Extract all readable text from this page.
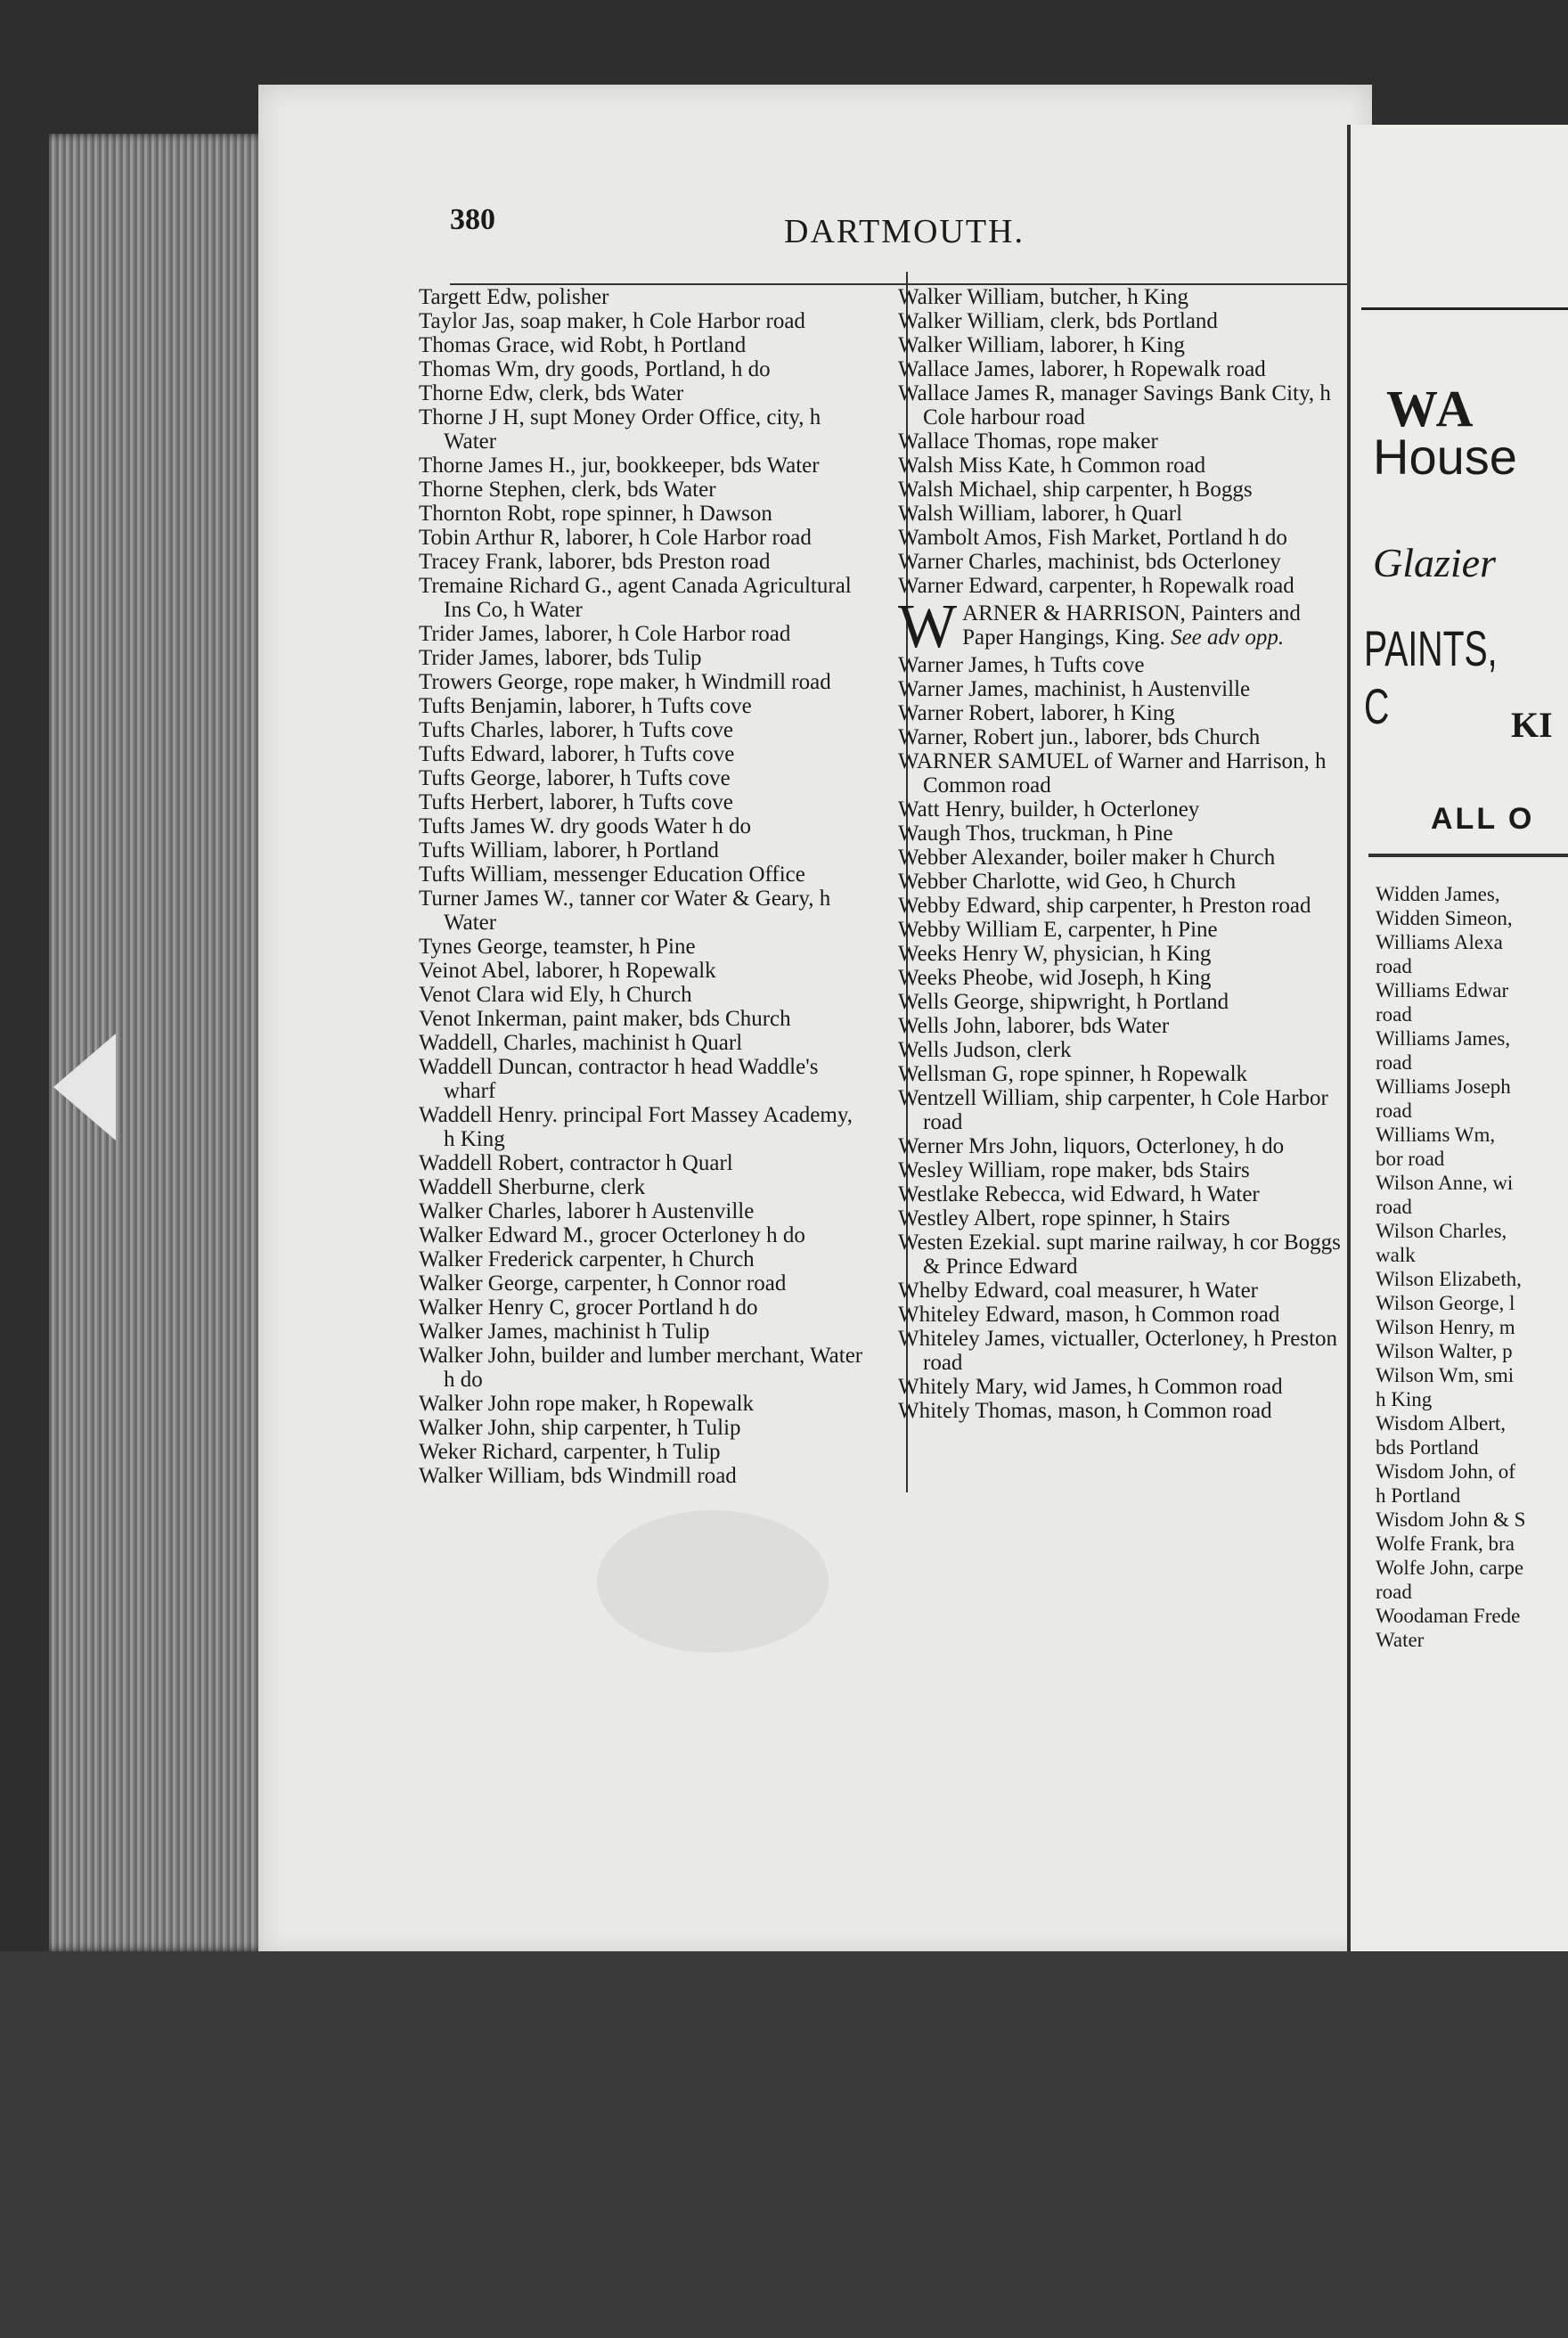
380	DARTMOUTH.

Targett Edw, polisher

Taylor Jas, soap maker, h Cole Harbor road

Thomas Grace, wid Robt, h Portland

Thomas Wm, dry goods, Portland, h do

Thorne Edw, clerk, bds Water

Thorne J H, supt Money Order Office, city, h Water

Thorne James H., jur, bookkeeper, bds Water

Thorne Stephen, clerk, bds Water

Thornton Robt, rope spinner, h Dawson

Tobin Arthur R, laborer, h Cole Harbor road

Tracey Frank, laborer, bds Preston road

Tremaine Richard G., agent Canada Agricultural Ins Co, h Water

Trider James, laborer, h Cole Harbor road

Trider James, laborer, bds Tulip

Trowers George, rope maker, h Windmill road

Tufts Benjamin, laborer, h Tufts cove

Tufts Charles, laborer, h Tufts cove

Tufts Edward, laborer, h Tufts cove

Tufts George, laborer, h Tufts cove

Tufts Herbert, laborer, h Tufts cove

Tufts James W. dry goods Water h do

Tufts William, laborer, h Portland

Tufts William, messenger Education Office

Turner James W., tanner cor Water & Geary, h Water

Tynes George, teamster, h Pine

Veinot Abel, laborer, h Ropewalk

Venot Clara wid Ely, h Church

Venot Inkerman, paint maker, bds Church

Waddell, Charles, machinist h Quarl

Waddell Duncan, contractor h head Waddle's wharf

Waddell Henry. principal Fort Massey Academy, h King

Waddell Robert, contractor h Quarl

Waddell Sherburne, clerk

Walker Charles, laborer h Austenville

Walker Edward M., grocer Octerloney h do

Walker Frederick carpenter, h Church

Walker George, carpenter, h Connor road

Walker Henry C, grocer Portland h do

Walker James, machinist h Tulip

Walker John, builder and lumber merchant, Water h do

Walker John rope maker, h Ropewalk

Walker John, ship carpenter, h Tulip

Weker Richard, carpenter, h Tulip

Walker William, bds Windmill road

Walker William, butcher, h King

Walker William, clerk, bds Portland

Walker William, laborer, h King

Wallace James, laborer, h Ropewalk road

Wallace James R, manager Savings Bank City, h Cole harbour road

Wallace Thomas, rope maker

Walsh Miss Kate, h Common road

Walsh Michael, ship carpenter, h Boggs

Walsh William, laborer, h Quarl

Wambolt Amos, Fish Market, Portland h do

Warner Charles, machinist, bds Octerloney

Warner Edward, carpenter, h Ropewalk road

W ARNER & HARRISON, Painters and Paper Hangings, King. See adv opp.

Warner James, h Tufts cove

Warner James, machinist, h Austenville

Warner Robert, laborer, h King

Warner, Robert jun., laborer, bds Church

WARNER SAMUEL of Warner and Harrison, h Common road

Watt Henry, builder, h Octerloney

Waugh Thos, truckman, h Pine

Webber Alexander, boiler maker h Church

Webber Charlotte, wid Geo, h Church

Webby Edward, ship carpenter, h Preston road

Webby William E, carpenter, h Pine

Weeks Henry W, physician, h King

Weeks Pheobe, wid Joseph, h King

Wells George, shipwright, h Portland

Wells John, laborer, bds Water

Wells Judson, clerk

Wellsman G, rope spinner, h Ropewalk

Wentzell William, ship carpenter, h Cole Harbor road

Werner Mrs John, liquors, Octerloney, h do

Wesley William, rope maker, bds Stairs

Westlake Rebecca, wid Edward, h Water

Westley Albert, rope spinner, h Stairs

Westen Ezekial. supt marine railway, h cor Boggs & Prince Edward

Whelby Edward, coal measurer, h Water

Whiteley Edward, mason, h Common road

Whiteley James, victualler, Octerloney, h Preston road

Whitely Mary, wid James, h Common road

Whitely Thomas, mason, h Common road

WA
House
Glazier
PAINTS, C	KI
ALL O

Widden James,

Widden Simeon,

Williams Alexa

road

Williams Edwar

road

Williams James,

road

Williams Joseph

road

Williams Wm,

bor road

Wilson Anne, wi

road

Wilson Charles,

walk

Wilson Elizabeth,

Wilson George, l

Wilson Henry, m

Wilson Walter, p

Wilson Wm, smi

h King

Wisdom Albert,

bds Portland

Wisdom John, of

h Portland

Wisdom John & S

Wolfe Frank, bra

Wolfe John, carpe

road

Woodaman Frede

Water
